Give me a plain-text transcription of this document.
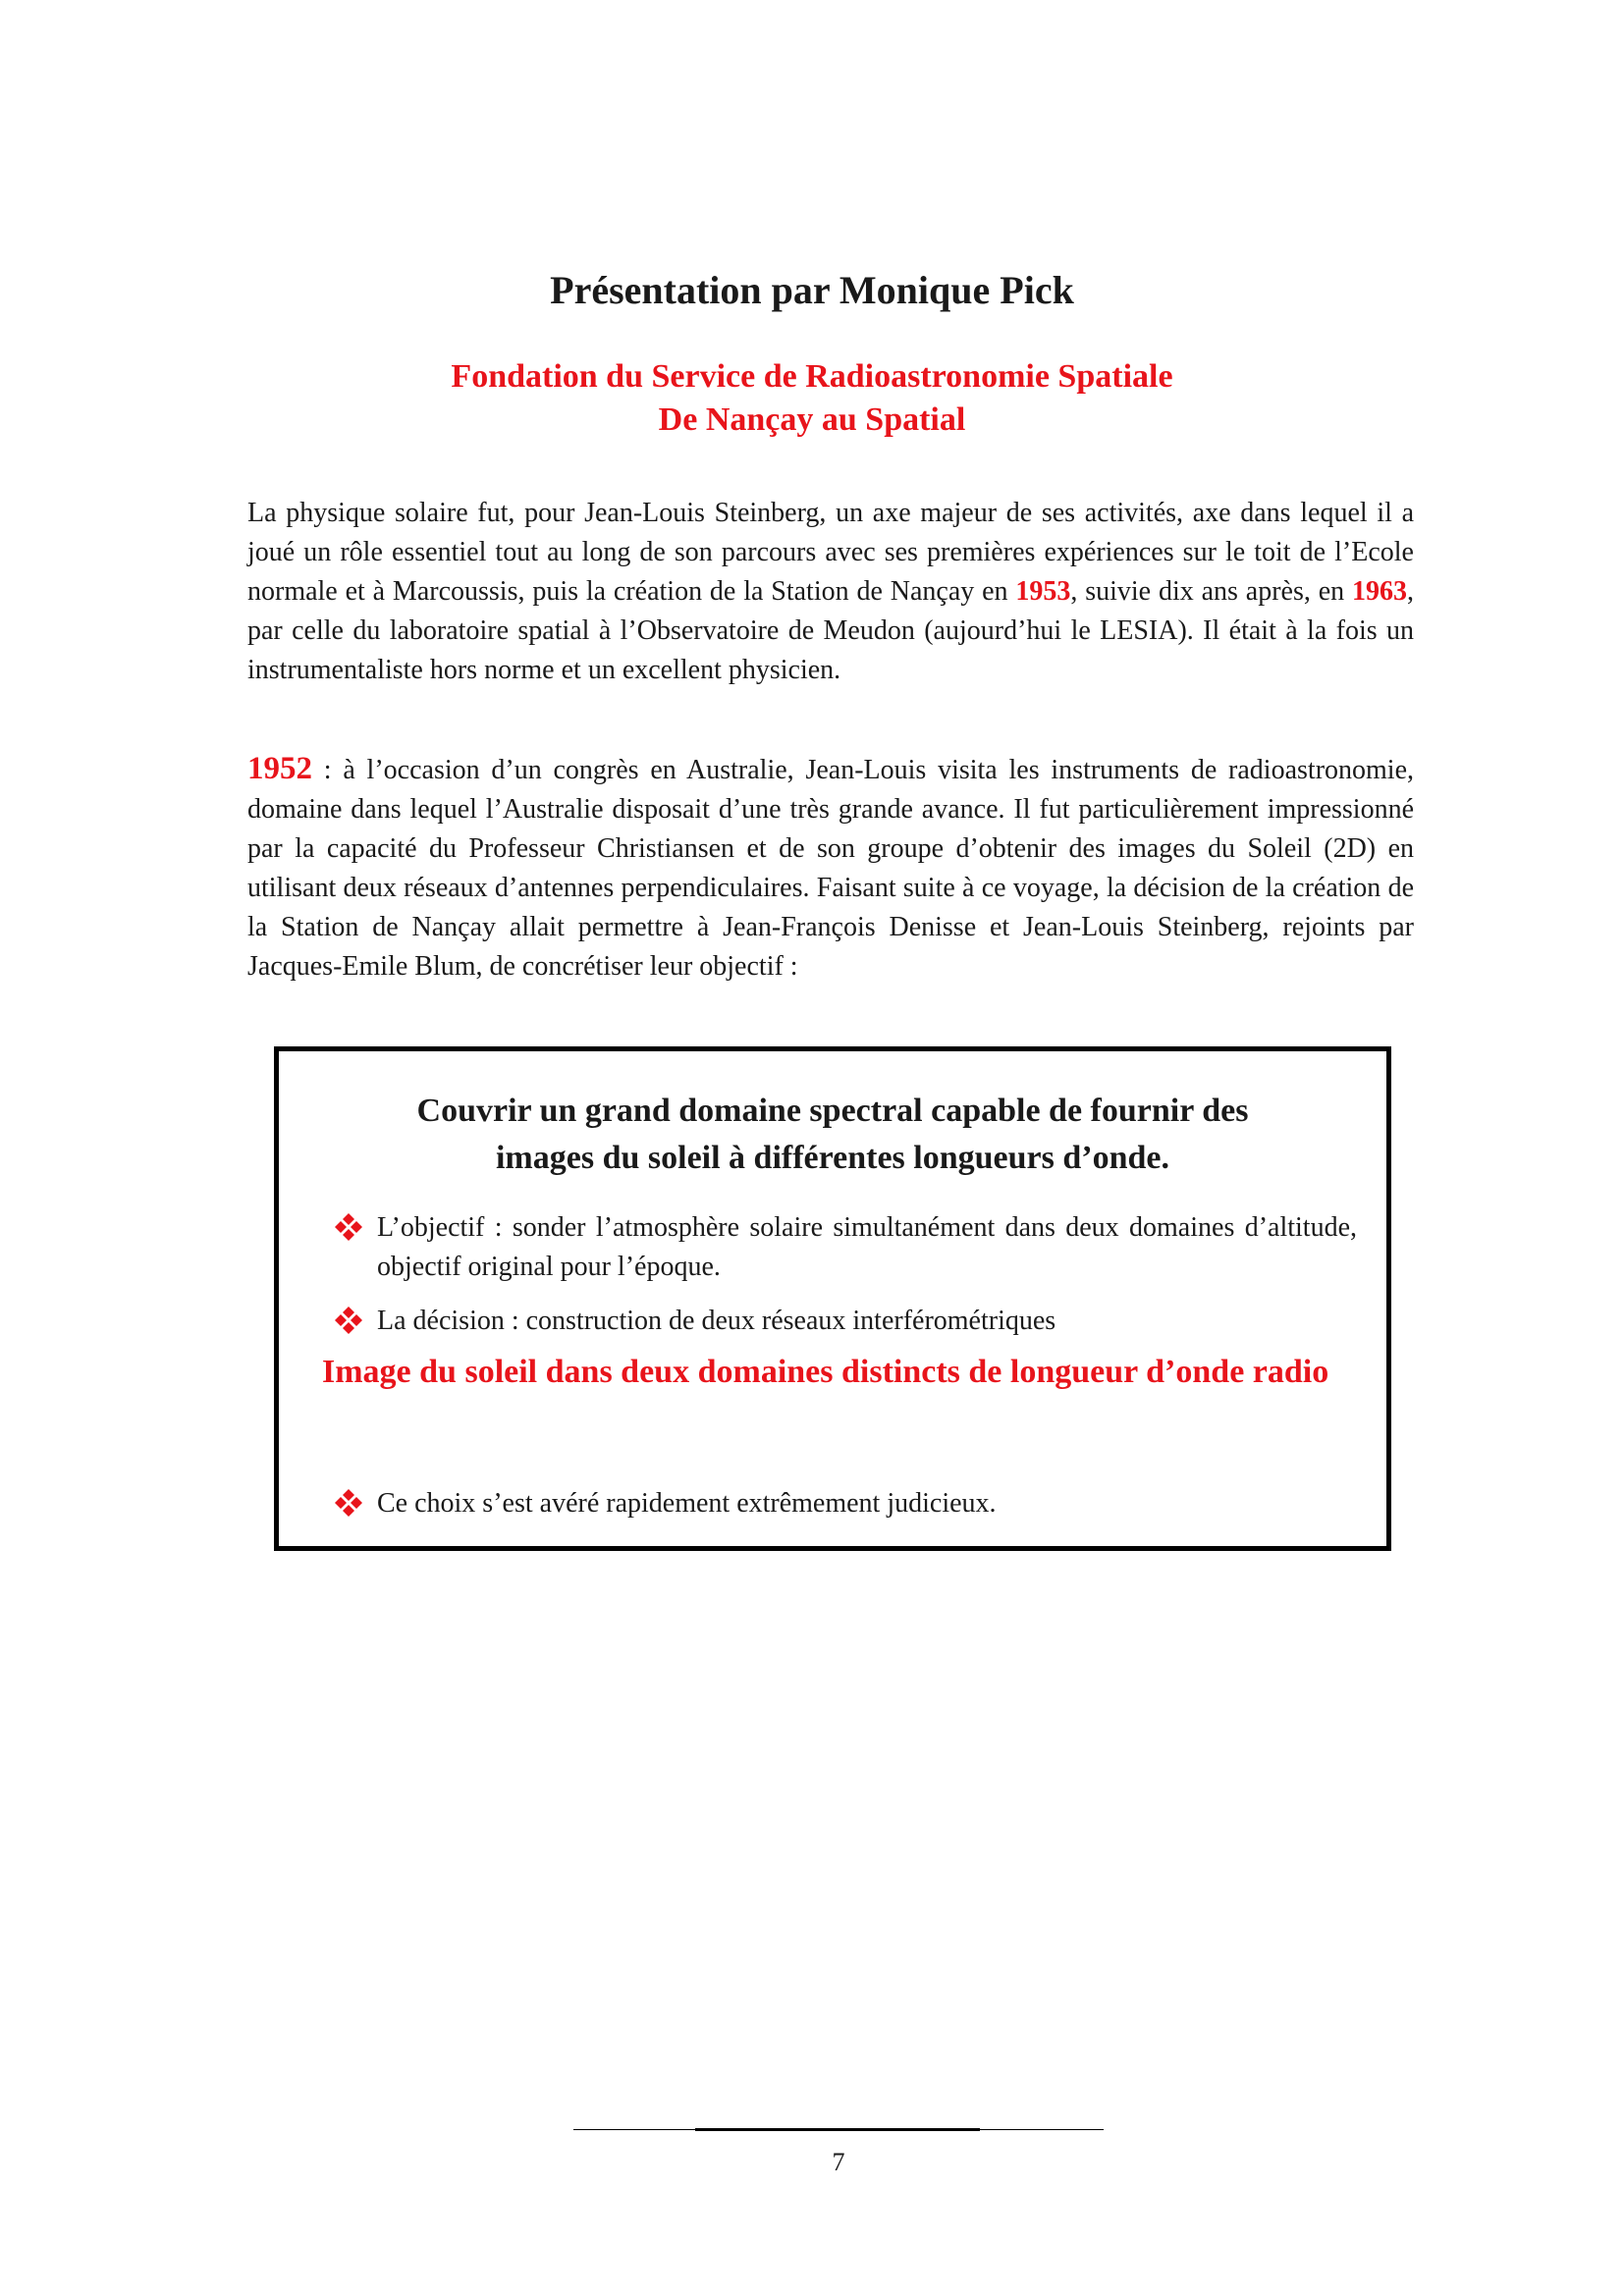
Présentation par Monique Pick
Fondation du Service de Radioastronomie Spatiale
De Nançay au Spatial

La physique solaire fut, pour Jean-Louis Steinberg, un axe majeur de ses activités, axe dans lequel il a joué un rôle essentiel tout au long de son parcours avec ses premières expériences sur le toit de l’Ecole normale et à Marcoussis, puis la création de la Station de Nançay en 1953, suivie dix ans après, en 1963, par celle du laboratoire spatial à l’Observatoire de Meudon (aujourd’hui le LESIA). Il était à la fois un instrumentaliste hors norme et un excellent physicien.

1952 : à l’occasion d’un congrès en Australie, Jean-Louis visita les instruments de radioastronomie, domaine dans lequel l’Australie disposait d’une très grande avance. Il fut particulièrement impressionné par la capacité du Professeur Christiansen et de son groupe d’obtenir des images du Soleil (2D) en utilisant deux réseaux d’antennes perpendiculaires. Faisant suite à ce voyage, la décision de la création de la Station de Nançay allait permettre à Jean-François Denisse et Jean-Louis Steinberg, rejoints par Jacques-Emile Blum, de concrétiser leur objectif :

Couvrir un grand domaine spectral capable de fournir des
images du soleil à différentes longueurs d’onde.

L’objectif : sonder l’atmosphère solaire simultanément dans deux domaines d’altitude, objectif original pour l’époque.

La décision : construction de deux réseaux interférométriques

Image du soleil dans deux domaines distincts de longueur d’onde radio

Ce choix s’est avéré rapidement extrêmement judicieux.

7
